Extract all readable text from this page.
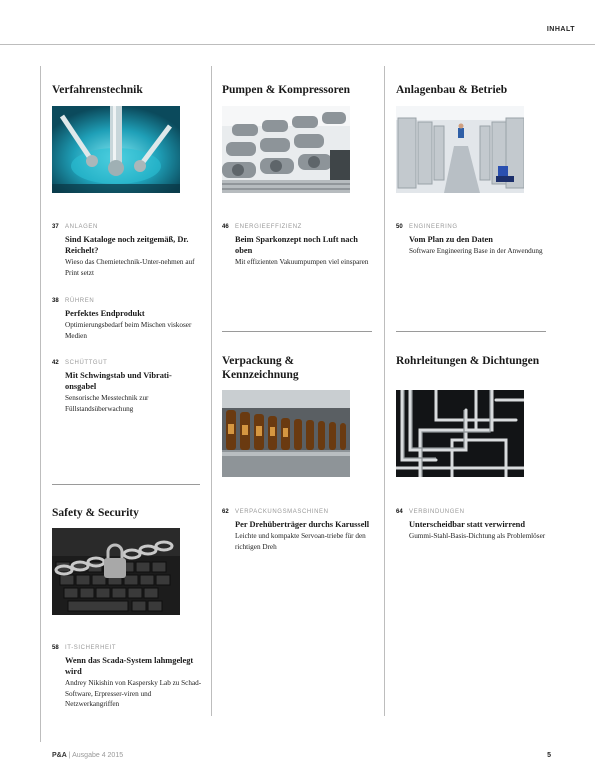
INHALT
Verfahrenstechnik
37 ANLAGEN
Sind Kataloge noch zeitgemäß, Dr. Reichelt?
Wieso das Chemietechnik-Unter-nehmen auf Print setzt
38 RÜHREN
Perfektes Endprodukt
Optimierungsbedarf beim Mischen viskoser Medien
42 SCHÜTTGUT
Mit Schwingstab und Vibrati-onsgabel
Sensorische Messtechnik zur Füllstandsüberwachung
Safety & Security
58 IT-SICHERHEIT
Wenn das Scada-System lahmgelegt wird
Andrey Nikishin von Kaspersky Lab zu Schad-Software, Erpresser-viren und Netzwerkangriffen
Pumpen & Kompressoren
46 ENERGIEEFFIZIENZ
Beim Sparkonzept noch Luft nach oben
Mit effizienten Vakuumpumpen viel einsparen
Verpackung & Kennzeichnung
62 VERPACKUNGSMASCHINEN
Per Drehüberträger durchs Karussell
Leichte und kompakte Servoan-triebe für den richtigen Dreh
Anlagenbau & Betrieb
50 ENGINEERING
Vom Plan zu den Daten
Software Engineering Base in der Anwendung
Rohrleitungen & Dichtungen
64 VERBINDUNGEN
Unterscheidbar statt verwirrend
Gummi-Stahl-Basis-Dichtung als Problemlöser
P&A | Ausgabe 4 2015	5
